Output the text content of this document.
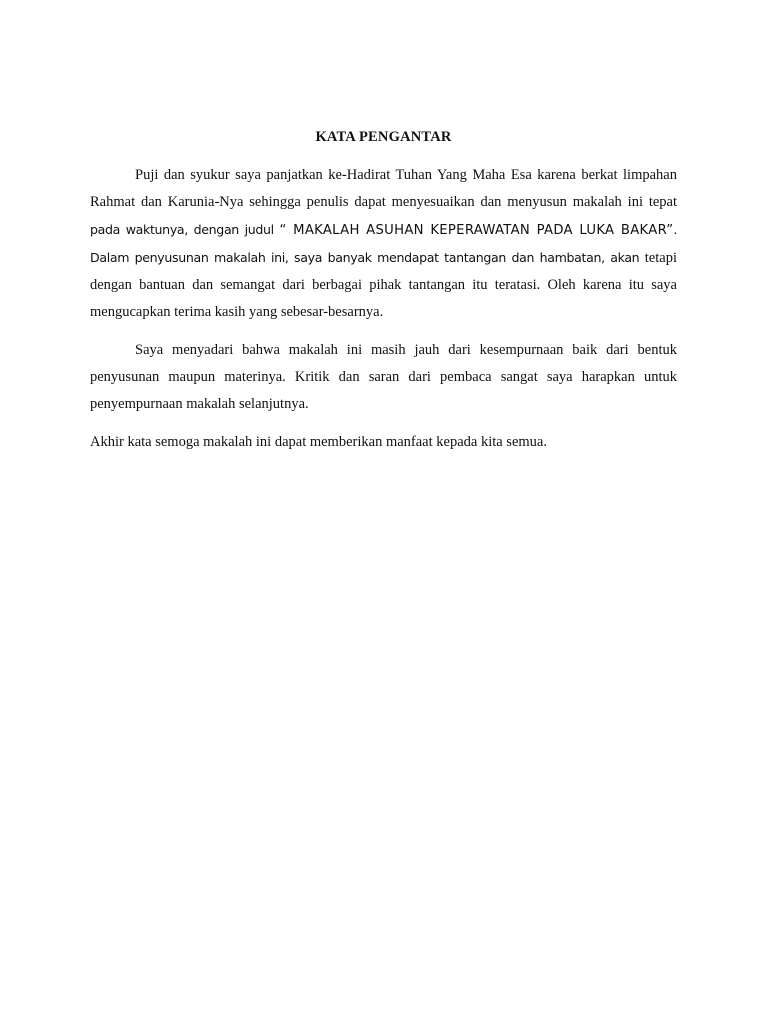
KATA PENGANTAR

Puji dan syukur saya panjatkan ke-Hadirat Tuhan Yang Maha Esa karena berkat limpahan Rahmat dan Karunia-Nya sehingga penulis dapat menyesuaikan dan menyusun makalah ini tepat pada waktunya, dengan judul “ MAKALAH ASUHAN KEPERAWATAN PADA LUKA BAKAR”. Dalam penyusunan makalah ini, saya banyak mendapat tantangan dan hambatan, akan tetapi dengan bantuan dan semangat dari berbagai pihak tantangan itu teratasi. Oleh karena itu saya mengucapkan terima kasih yang sebesar-besarnya.

Saya menyadari bahwa makalah ini masih jauh dari kesempurnaan baik dari bentuk penyusunan maupun materinya. Kritik dan saran dari pembaca sangat saya harapkan untuk penyempurnaan makalah selanjutnya.

Akhir kata semoga makalah ini dapat memberikan manfaat kepada kita semua.
